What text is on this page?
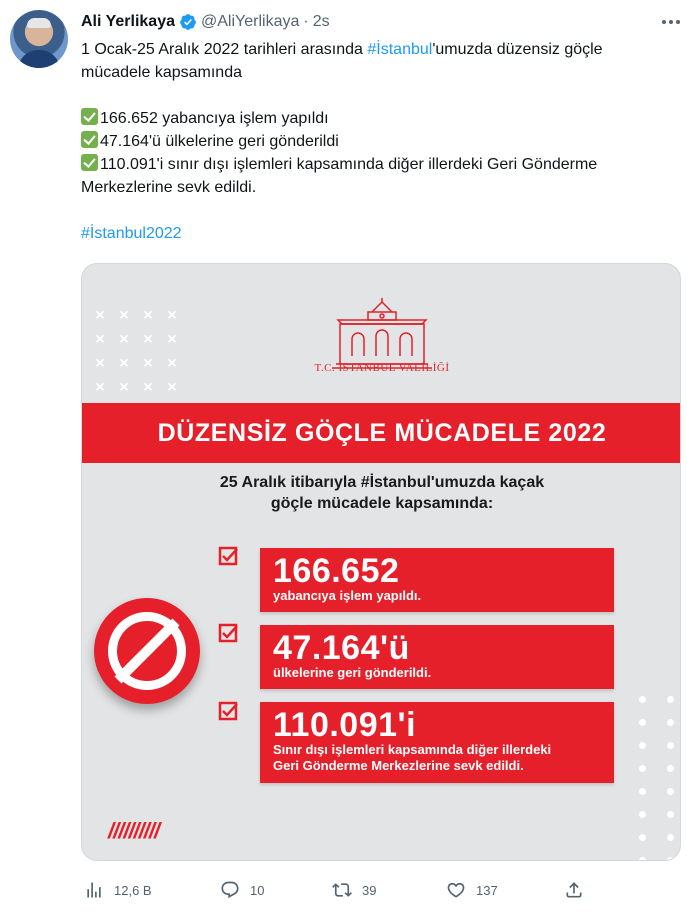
Ali Yerlikaya @AliYerlikaya · 2s

1 Ocak-25 Aralık 2022 tarihleri arasında #İstanbul'umuzda düzensiz göçle mücadele kapsamında

166.652 yabancıya işlem yapıldı

47.164'ü ülkelerine geri gönderildi

110.091'i sınır dışı işlemleri kapsamında diğer illerdeki Geri Gönderme Merkezlerine sevk edildi.

#İstanbul2022

× × × ×
× × × ×
× × × ×
× × × ×
T.C. İSTANBUL VALİLİĞİ
DÜZENSİZ GÖÇLE MÜCADELE 2022
25 Aralık itibarıyla #İstanbul'umuzda kaçak göçle mücadele kapsamında:
166.652
yabancıya işlem yapıldı.
47.164'ü
ülkelerine geri gönderildi.
110.091'i
Sınır dışı işlemleri kapsamında diğer illerdeki Geri Gönderme Merkezlerine sevk edildi.
//////////
12,6 B	10	39	137
